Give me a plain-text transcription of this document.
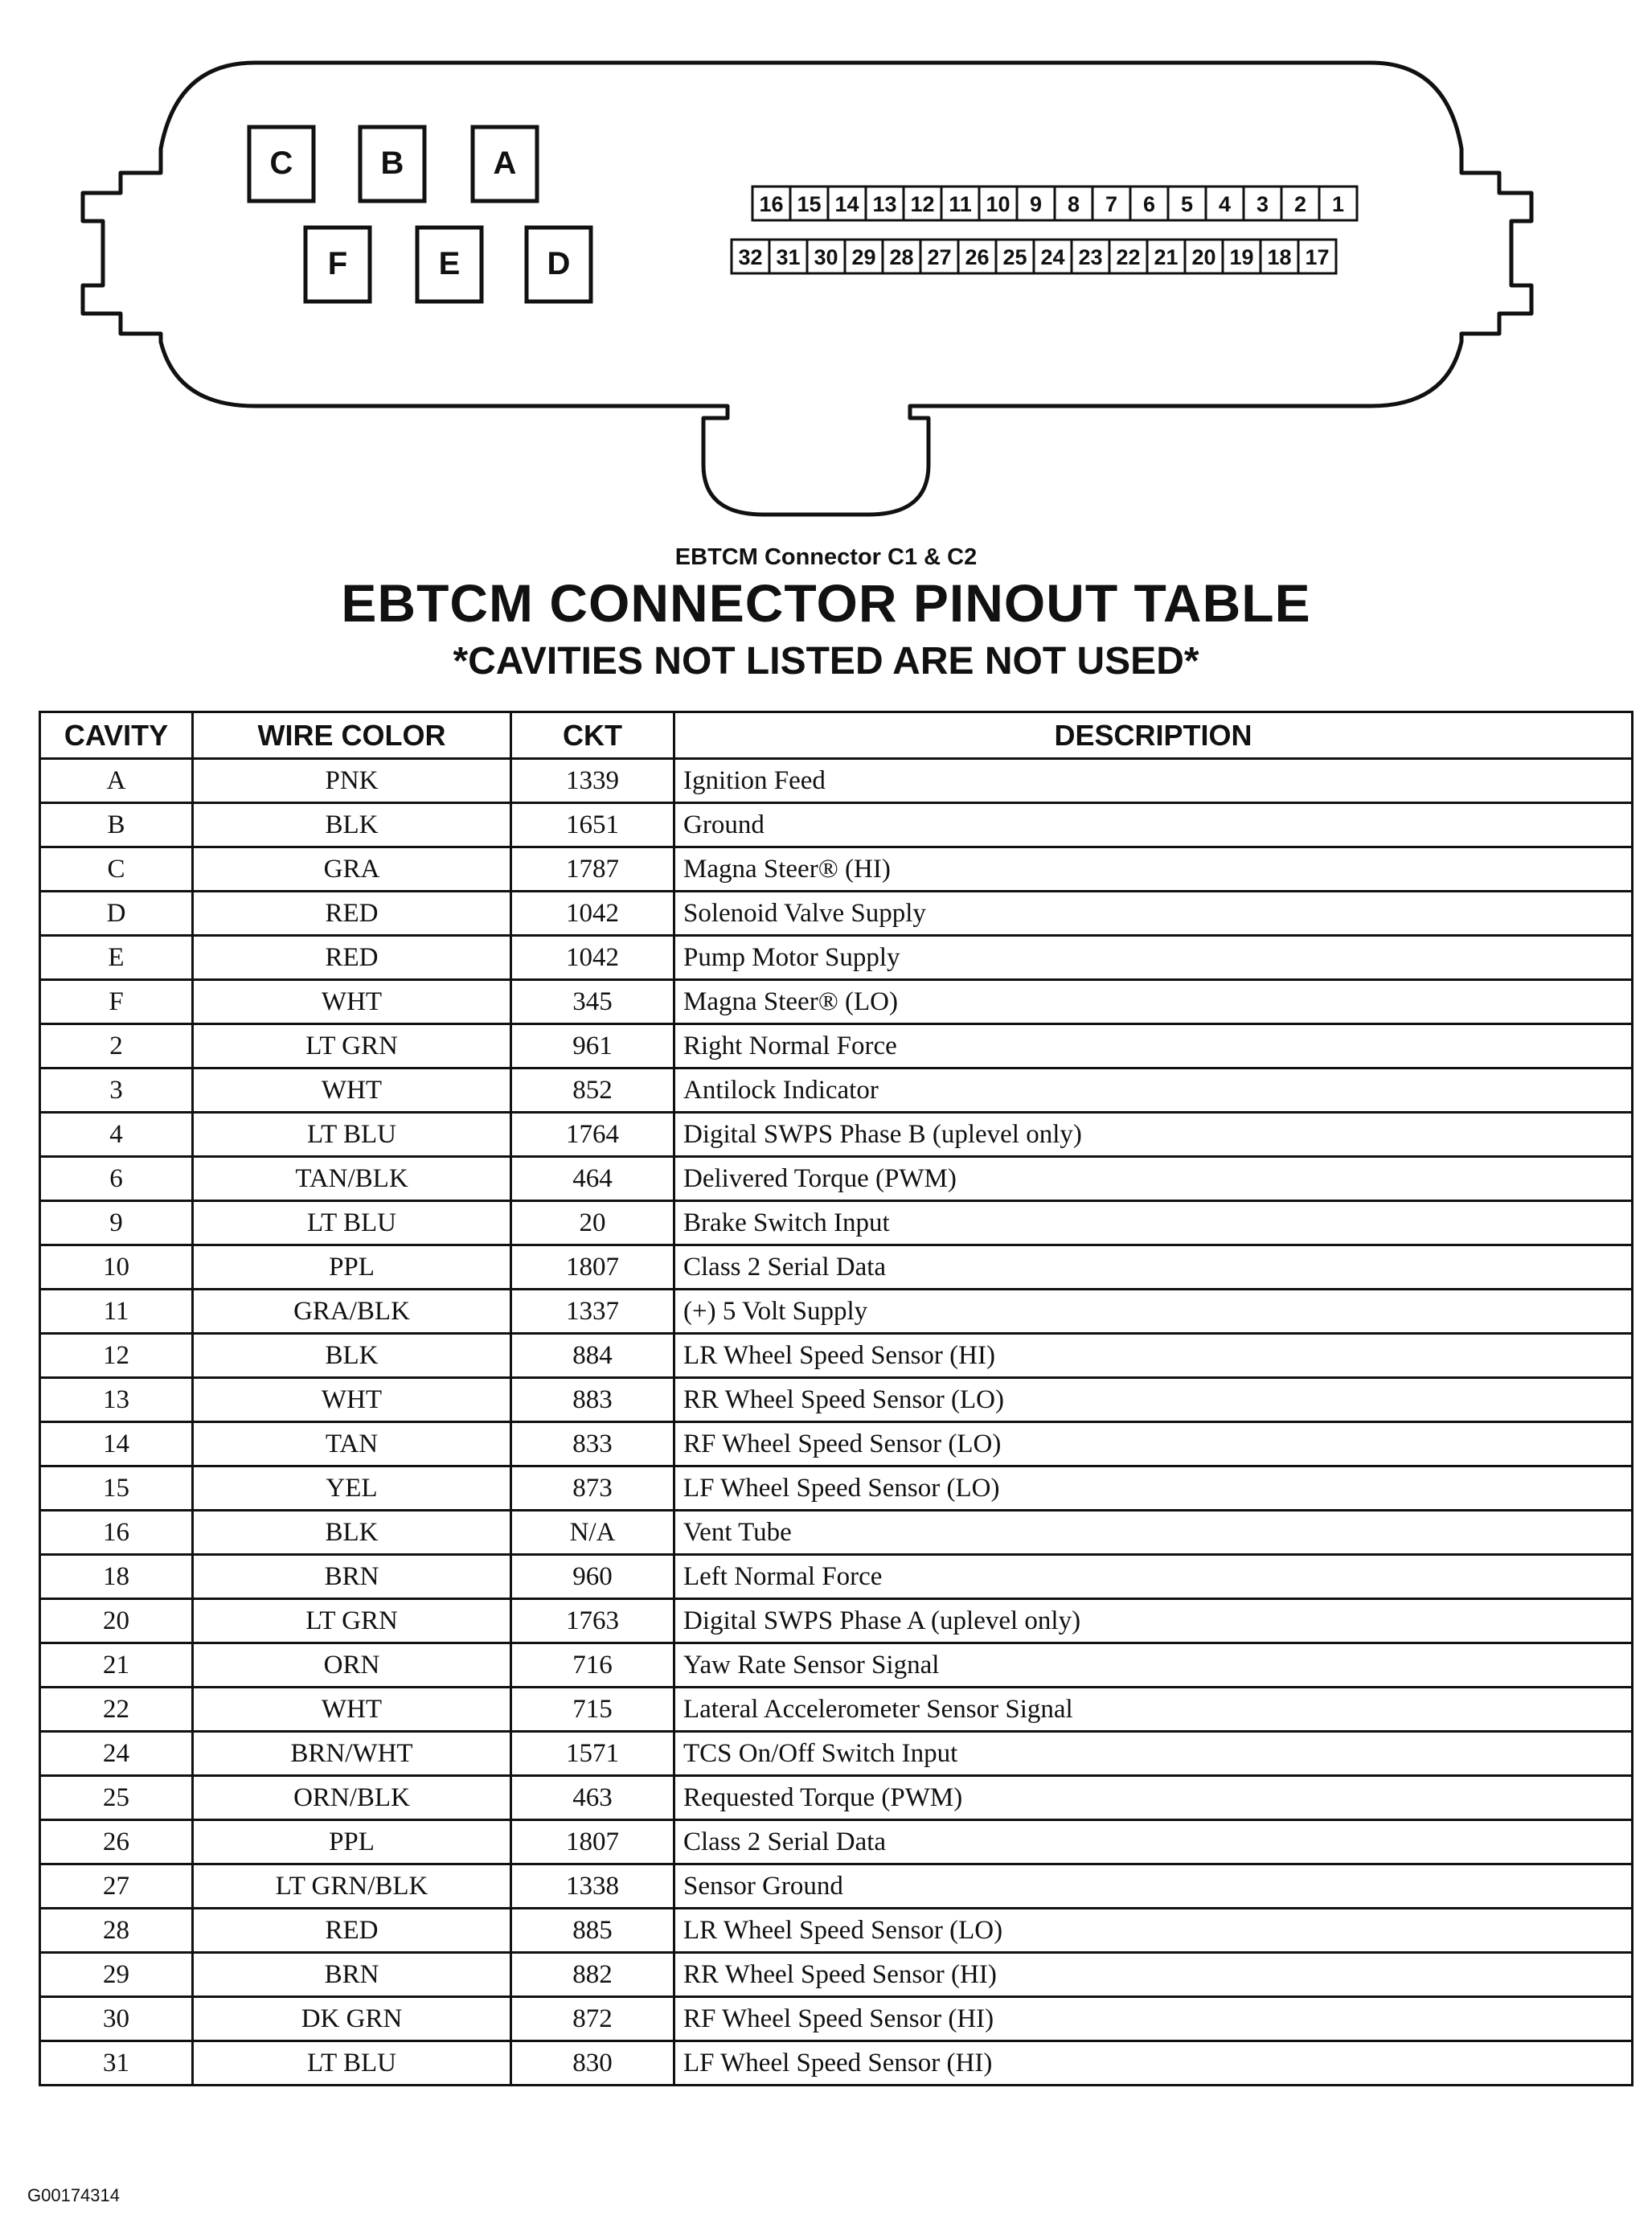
C	B	A
F	E	D
16 15 14 13 12 11 10 9 8 7 6 5 4 3 2 1
32 31 30 29 28 27 26 25 24 23 22 21 20 19 18 17
EBTCM Connector C1 & C2
EBTCM CONNECTOR PINOUT TABLE
*CAVITIES NOT LISTED ARE NOT USED*
CAVITY	WIRE COLOR	CKT	DESCRIPTION
A	PNK	1339	Ignition Feed
B	BLK	1651	Ground
C	GRA	1787	Magna Steer® (HI)
D	RED	1042	Solenoid Valve Supply
E	RED	1042	Pump Motor Supply
F	WHT	345	Magna Steer® (LO)
2	LT GRN	961	Right Normal Force
3	WHT	852	Antilock Indicator
4	LT BLU	1764	Digital SWPS Phase B (uplevel only)
6	TAN/BLK	464	Delivered Torque (PWM)
9	LT BLU	20	Brake Switch Input
10	PPL	1807	Class 2 Serial Data
11	GRA/BLK	1337	(+) 5 Volt Supply
12	BLK	884	LR Wheel Speed Sensor (HI)
13	WHT	883	RR Wheel Speed Sensor (LO)
14	TAN	833	RF Wheel Speed Sensor (LO)
15	YEL	873	LF Wheel Speed Sensor (LO)
16	BLK	N/A	Vent Tube
18	BRN	960	Left Normal Force
20	LT GRN	1763	Digital SWPS Phase A (uplevel only)
21	ORN	716	Yaw Rate Sensor Signal
22	WHT	715	Lateral Accelerometer Sensor Signal
24	BRN/WHT	1571	TCS On/Off Switch Input
25	ORN/BLK	463	Requested Torque (PWM)
26	PPL	1807	Class 2 Serial Data
27	LT GRN/BLK	1338	Sensor Ground
28	RED	885	LR Wheel Speed Sensor (LO)
29	BRN	882	RR Wheel Speed Sensor (HI)
30	DK GRN	872	RF Wheel Speed Sensor (HI)
31	LT BLU	830	LF Wheel Speed Sensor (HI)
G00174314
